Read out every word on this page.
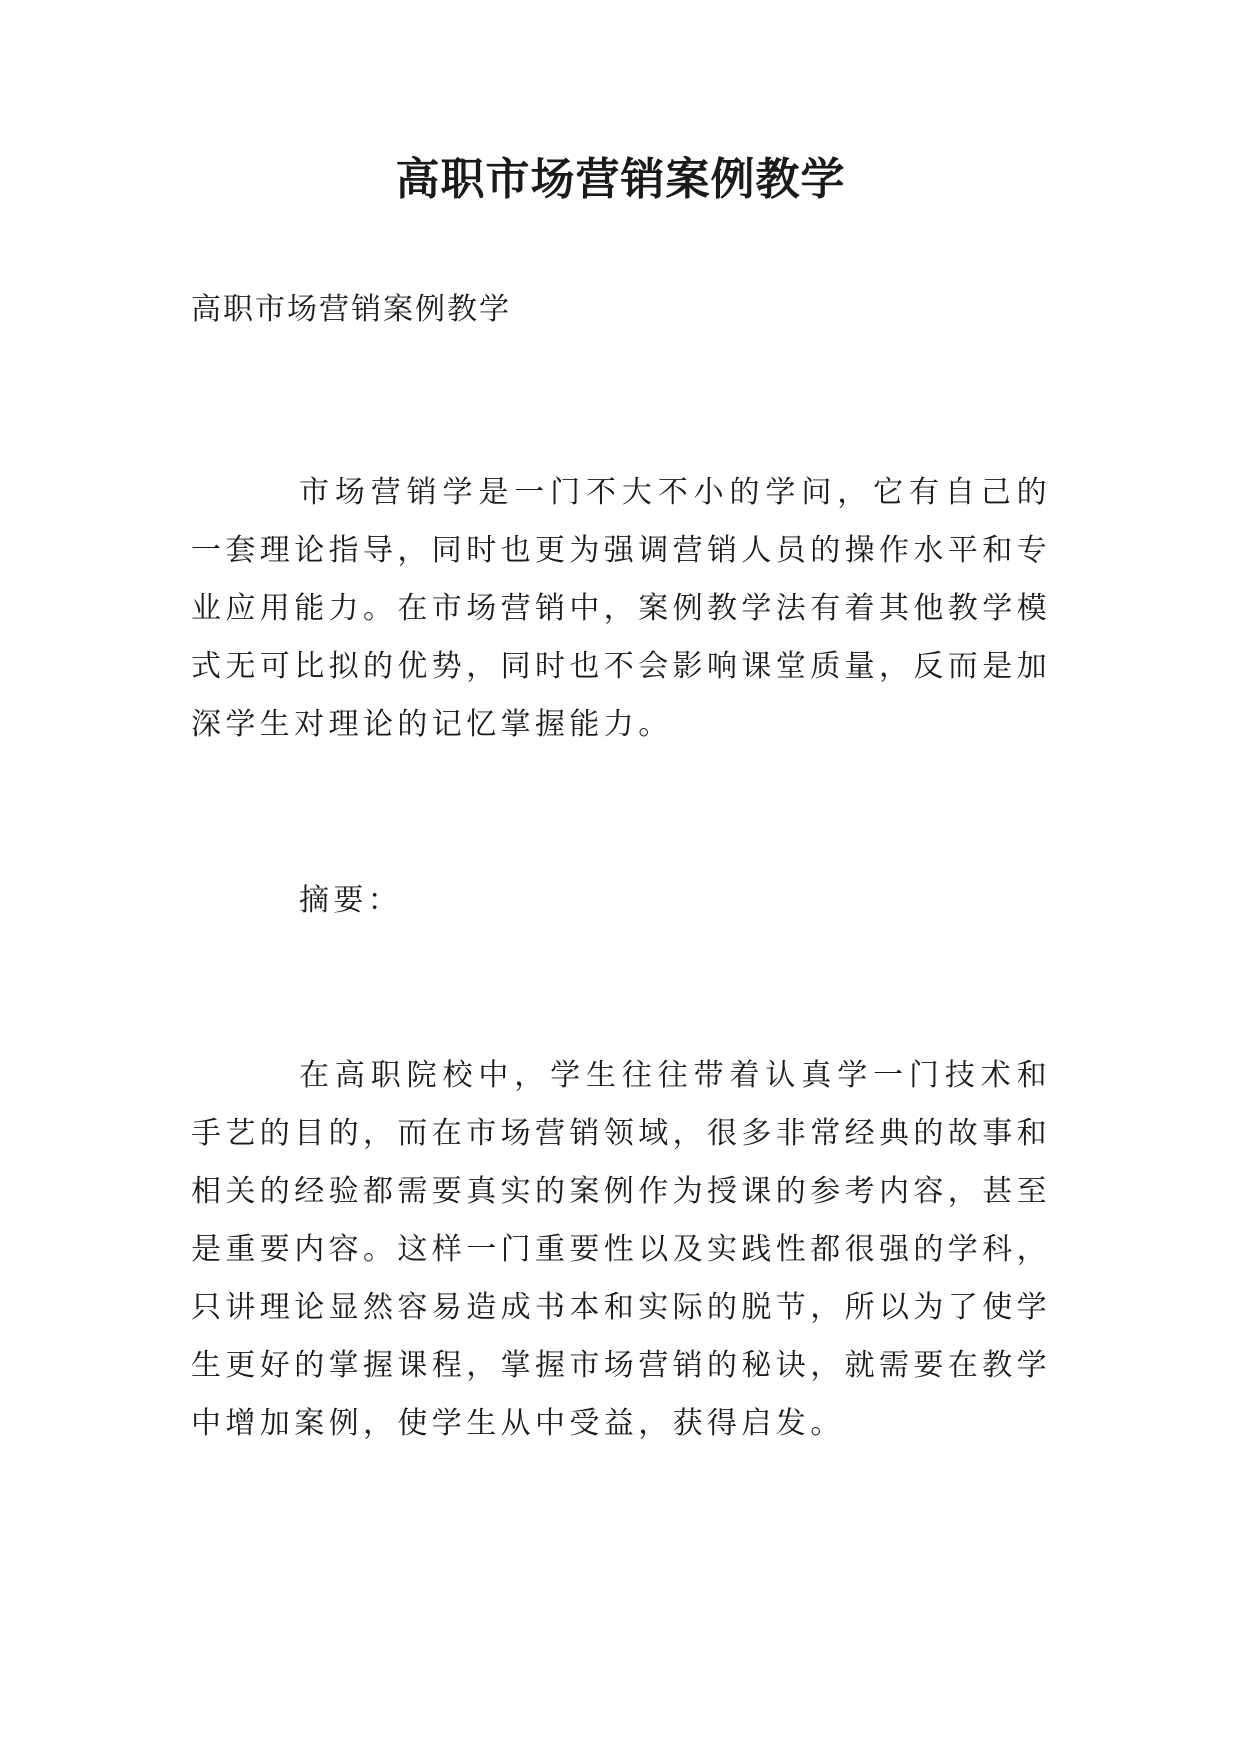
高职市场营销案例教学

高职市场营销案例教学

市场营销学是一门不大不小的学问，它有自己的一套理论指导，同时也更为强调营销人员的操作水平和专业应用能力。在市场营销中，案例教学法有着其他教学模式无可比拟的优势，同时也不会影响课堂质量，反而是加深学生对理论的记忆掌握能力。

摘要：

在高职院校中，学生往往带着认真学一门技术和手艺的目的，而在市场营销领域，很多非常经典的故事和相关的经验都需要真实的案例作为授课的参考内容，甚至是重要内容。这样一门重要性以及实践性都很强的学科，只讲理论显然容易造成书本和实际的脱节，所以为了使学生更好的掌握课程，掌握市场营销的秘诀，就需要在教学中增加案例，使学生从中受益，获得启发。
